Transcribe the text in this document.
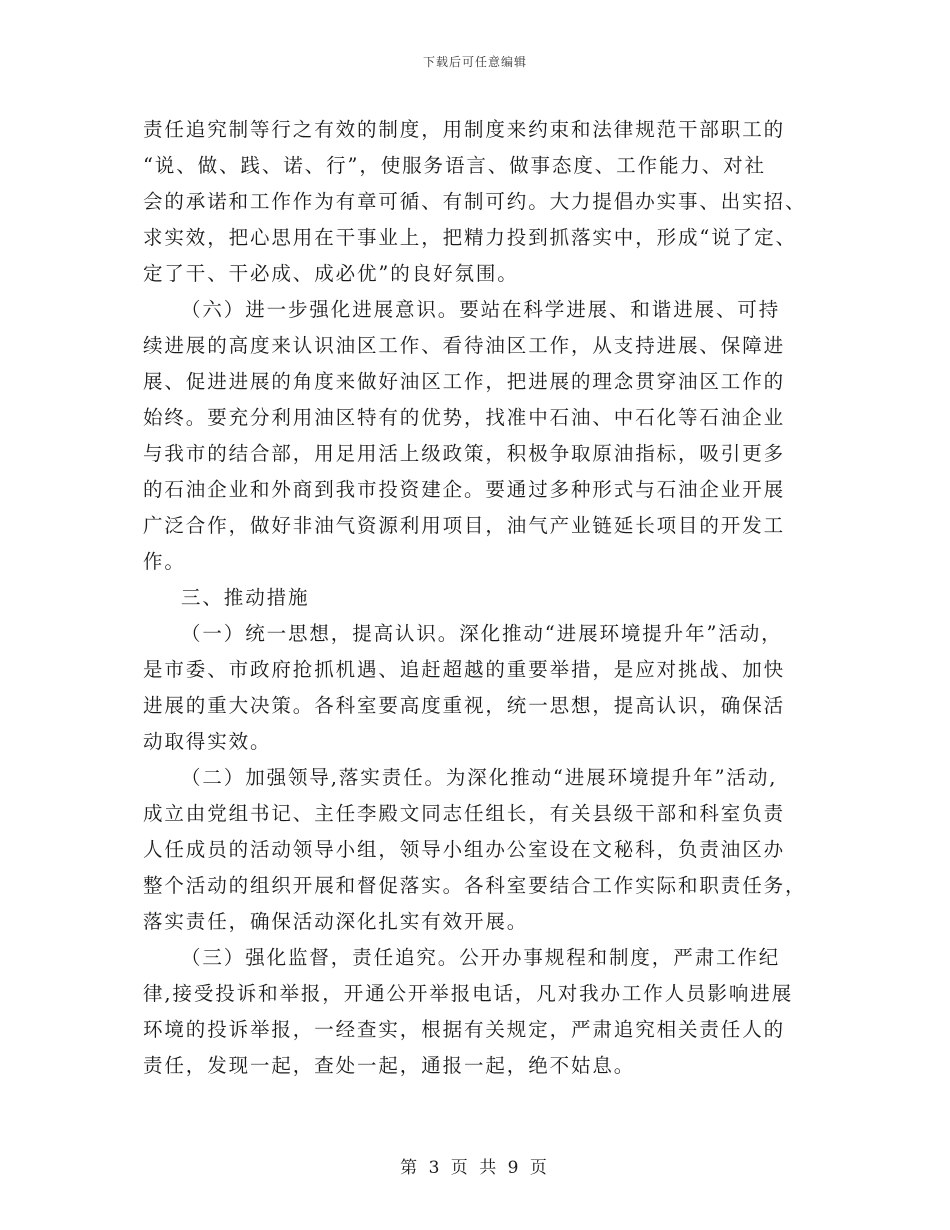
下载后可任意编辑
责任追究制等行之有效的制度，用制度来约束和法律规范干部职工的
“说、做、践、诺、行”，使服务语言、做事态度、工作能力、对社
会的承诺和工作作为有章可循、有制可约。大力提倡办实事、出实招、
求实效，把心思用在干事业上，把精力投到抓落实中，形成“说了定、
定了干、干必成、成必优”的良好氛围。
（六）进一步强化进展意识。要站在科学进展、和谐进展、可持
续进展的高度来认识油区工作、看待油区工作，从支持进展、保障进
展、促进进展的角度来做好油区工作，把进展的理念贯穿油区工作的
始终。要充分利用油区特有的优势，找准中石油、中石化等石油企业
与我市的结合部，用足用活上级政策，积极争取原油指标，吸引更多
的石油企业和外商到我市投资建企。要通过多种形式与石油企业开展
广泛合作，做好非油气资源利用项目，油气产业链延长项目的开发工
作。
三、推动措施
（一）统一思想，提高认识。深化推动“进展环境提升年”活动，
是市委、市政府抢抓机遇、追赶超越的重要举措，是应对挑战、加快
进展的重大决策。各科室要高度重视，统一思想，提高认识，确保活
动取得实效。
（二）加强领导,落实责任。为深化推动“进展环境提升年”活动,
成立由党组书记、主任李殿文同志任组长，有关县级干部和科室负责
人任成员的活动领导小组，领导小组办公室设在文秘科，负责油区办
整个活动的组织开展和督促落实。各科室要结合工作实际和职责任务，
落实责任，确保活动深化扎实有效开展。
（三）强化监督，责任追究。公开办事规程和制度，严肃工作纪
律,接受投诉和举报，开通公开举报电话，凡对我办工作人员影响进展
环境的投诉举报，一经查实，根据有关规定，严肃追究相关责任人的
责任，发现一起，查处一起，通报一起，绝不姑息。
第 3 页 共 9 页
